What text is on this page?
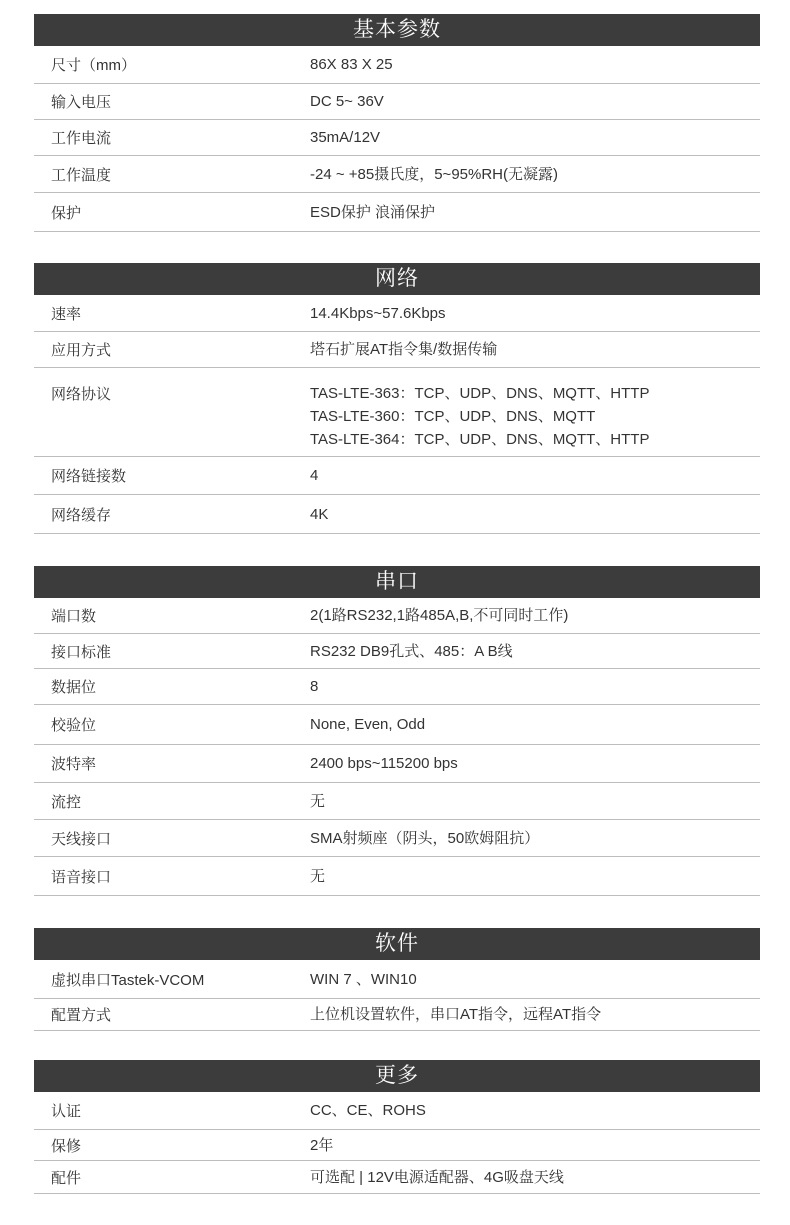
基本参数
尺寸（mm）	86X 83 X 25
输入电压	DC 5~ 36V
工作电流	35mA/12V
工作温度	-24 ~ +85摄氏度，5~95%RH(无凝露)
保护	ESD保护 浪涌保护
网络
速率	14.4Kbps~57.6Kbps
应用方式	塔石扩展AT指令集/数据传输
网络协议	TAS-LTE-363：TCP、UDP、DNS、MQTT、HTTP
TAS-LTE-360：TCP、UDP、DNS、MQTT
TAS-LTE-364：TCP、UDP、DNS、MQTT、HTTP
网络链接数	4
网络缓存	4K
串口
端口数	2(1路RS232,1路485A,B,不可同时工作)
接口标准	RS232 DB9孔式、485：A B线
数据位	8
校验位	None, Even, Odd
波特率	2400 bps~115200 bps
流控	无
天线接口	SMA射频座（阴头，50欧姆阻抗）
语音接口	无
软件
虚拟串口Tastek-VCOM	WIN 7 、WIN10
配置方式	上位机设置软件，串口AT指令，远程AT指令
更多
认证	CC、CE、ROHS
保修	2年
配件	可选配 | 12V电源适配器、4G吸盘天线
